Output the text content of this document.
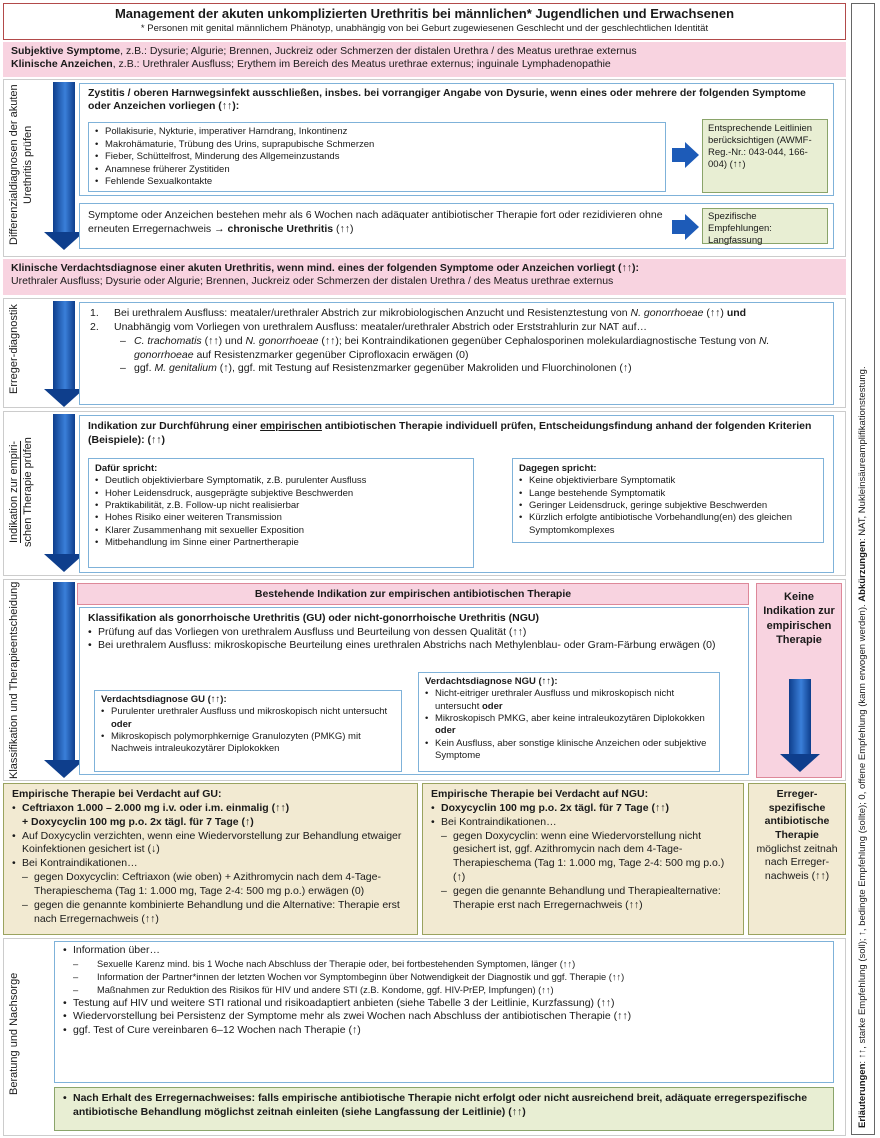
Management der akuten unkomplizierten Urethritis bei männlichen* Jugendlichen und Erwachsenen
* Personen mit genital männlichem Phänotyp, unabhängig von bei Geburt zugewiesenen Geschlecht und der geschlechtlichen Identität
Erläuterungen: ↑↑, starke Empfehlung (soll); ↑, bedingte Empfehlung (sollte); 0, offene Empfehlung (kann erwogen werden). Abkürzungen: NAT, Nukleinsäureamplifikationstestung.
Subjektive Symptome, z.B.: Dysurie; Algurie; Brennen, Juckreiz oder Schmerzen der distalen Urethra / des Meatus urethrae externus
Klinische Anzeichen, z.B.: Urethraler Ausfluss; Erythem im Bereich des Meatus urethrae externus; inguinale Lymphadenopathie
Differenzialdiagnosen der akuten Urethritis prüfen
Zystitis / oberen Harnwegsinfekt ausschließen, insbes. bei vorrangiger Angabe von Dysurie, wenn eines oder mehrere der folgenden Symptome oder Anzeichen vorliegen (↑↑):
• Pollakisurie, Nykturie, imperativer Harndrang, Inkontinenz
• Makrohämaturie, Trübung des Urins, suprapubische Schmerzen
• Fieber, Schüttelfrost, Minderung des Allgemeinzustands
• Anamnese früherer Zystitiden
• Fehlende Sexualkontakte
Entsprechende Leitlinien berücksichtigen (AWMF-Reg.-Nr.: 043-044, 166-004) (↑↑)
Symptome oder Anzeichen bestehen mehr als 6 Wochen nach adäquater antibiotischer Therapie fort oder rezidivieren ohne erneuten Erregernachweis → chronische Urethritis (↑↑)
Spezifische Empfehlungen: Langfassung
Klinische Verdachtsdiagnose einer akuten Urethritis, wenn mind. eines der folgenden Symptome oder Anzeichen vorliegt (↑↑):
Urethraler Ausfluss; Dysurie oder Algurie; Brennen, Juckreiz oder Schmerzen der distalen Urethra / des Meatus urethrae externus
Erreger-diagnostik	1. Bei urethralem Ausfluss: meataler/urethraler Abstrich zur mikrobiologischen Anzucht und Resistenztestung von N. gonorrhoeae (↑↑) und
2. Unabhängig vom Vorliegen von urethralem Ausfluss: meataler/urethraler Abstrich oder Erststrahlurin zur NAT auf…
– C. trachomatis (↑↑) und N. gonorrhoeae (↑↑); bei Kontraindikationen gegenüber Cephalosporinen molekulardiagnostische Testung von N. gonorrhoeae auf Resistenzmarker gegenüber Ciprofloxacin erwägen (0)
– ggf. M. genitalium (↑), ggf. mit Testung auf Resistenzmarker gegenüber Makroliden und Fluorchinolonen (↑)
Indikation zur empiri- schen Therapie prüfen
Indikation zur Durchführung einer empirischen antibiotischen Therapie individuell prüfen, Entscheidungsfindung anhand der folgenden Kriterien (Beispiele): (↑↑)
Dafür spricht:
• Deutlich objektivierbare Symptomatik, z.B. purulenter Ausfluss
• Hoher Leidensdruck, ausgeprägte subjektive Beschwerden
• Praktikabilität, z.B. Follow-up nicht realisierbar
• Hohes Risiko einer weiteren Transmission
• Klarer Zusammenhang mit sexueller Exposition
• Mitbehandlung im Sinne einer Partnertherapie
Dagegen spricht:
• Keine objektivierbare Symptomatik
• Lange bestehende Symptomatik
• Geringer Leidensdruck, geringe subjektive Beschwerden
• Kürzlich erfolgte antibiotische Vorbehandlung(en) des gleichen Symptomkomplexes
Klassifikation und Therapieentscheidung	Bestehende Indikation zur empirischen antibiotischen Therapie
Klassifikation als gonorrhoische Urethritis (GU) oder nicht-gonorrhoische Urethritis (NGU)
• Prüfung auf das Vorliegen von urethralem Ausfluss und Beurteilung von dessen Qualität (↑↑)
• Bei urethralem Ausfluss: mikroskopische Beurteilung eines urethralen Abstrichs nach Methylenblau- oder Gram-Färbung erwägen (0)
Verdachtsdiagnose GU (↑↑):
• Purulenter urethraler Ausfluss und mikroskopisch nicht untersucht oder
• Mikroskopisch polymorphkernige Granulozyten (PMKG) mit Nachweis intraleukozytärer Diplokokken
Verdachtsdiagnose NGU (↑↑):
• Nicht-eitriger urethraler Ausfluss und mikroskopisch nicht untersucht oder
• Mikroskopisch PMKG, aber keine intraleukozytären Diplokokken oder
• Kein Ausfluss, aber sonstige klinische Anzeichen oder subjektive Symptome
Keine Indikation zur empirischen Therapie
Empirische Therapie bei Verdacht auf GU:
• Ceftriaxon 1.000 – 2.000 mg i.v. oder i.m. einmalig (↑↑)
+ Doxycyclin 100 mg p.o. 2x tägl. für 7 Tage (↑)
• Auf Doxycyclin verzichten, wenn eine Wiedervorstellung zur Behandlung etwaiger Koinfektionen gesichert ist (↓)
• Bei Kontraindikationen…
– gegen Doxycyclin: Ceftriaxon (wie oben) + Azithromycin nach dem 4-Tage-Therapieschema (Tag 1: 1.000 mg, Tage 2-4: 500 mg p.o.) erwägen (0)
– gegen die genannte kombinierte Behandlung und die Alternative: Therapie erst nach Erregernachweis (↑↑)
Empirische Therapie bei Verdacht auf NGU:
• Doxycyclin 100 mg p.o. 2x tägl. für 7 Tage (↑↑)
• Bei Kontraindikationen…
– gegen Doxycyclin: wenn eine Wiedervorstellung nicht gesichert ist, ggf. Azithromycin nach dem 4-Tage-Therapieschema (Tag 1: 1.000 mg, Tage 2-4: 500 mg p.o.) (↑)
– gegen die genannte Behandlung und Therapiealternative: Therapie erst nach Erregernachweis (↑↑)
Erreger-spezifische antibiotische Therapie
möglichst zeitnah nach Erreger-nachweis (↑↑)
Beratung und Nachsorge
• Information über…
– Sexuelle Karenz mind. bis 1 Woche nach Abschluss der Therapie oder, bei fortbestehenden Symptomen, länger (↑↑)
– Information der Partner*innen der letzten Wochen vor Symptombeginn über Notwendigkeit der Diagnostik und ggf. Therapie (↑↑)
– Maßnahmen zur Reduktion des Risikos für HIV und andere STI (z.B. Kondome, ggf. HIV-PrEP, Impfungen) (↑↑)
• Testung auf HIV und weitere STI rational und risikoadaptiert anbieten (siehe Tabelle 3 der Leitlinie, Kurzfassung) (↑↑)
• Wiedervorstellung bei Persistenz der Symptome mehr als zwei Wochen nach Abschluss der antibiotischen Therapie (↑↑)
• ggf. Test of Cure vereinbaren 6–12 Wochen nach Therapie (↑)
• Nach Erhalt des Erregernachweises: falls empirische antibiotische Therapie nicht erfolgt oder nicht ausreichend breit, adäquate erregerspezifische antibiotische Behandlung möglichst zeitnah einleiten (siehe Langfassung der Leitlinie) (↑↑)
